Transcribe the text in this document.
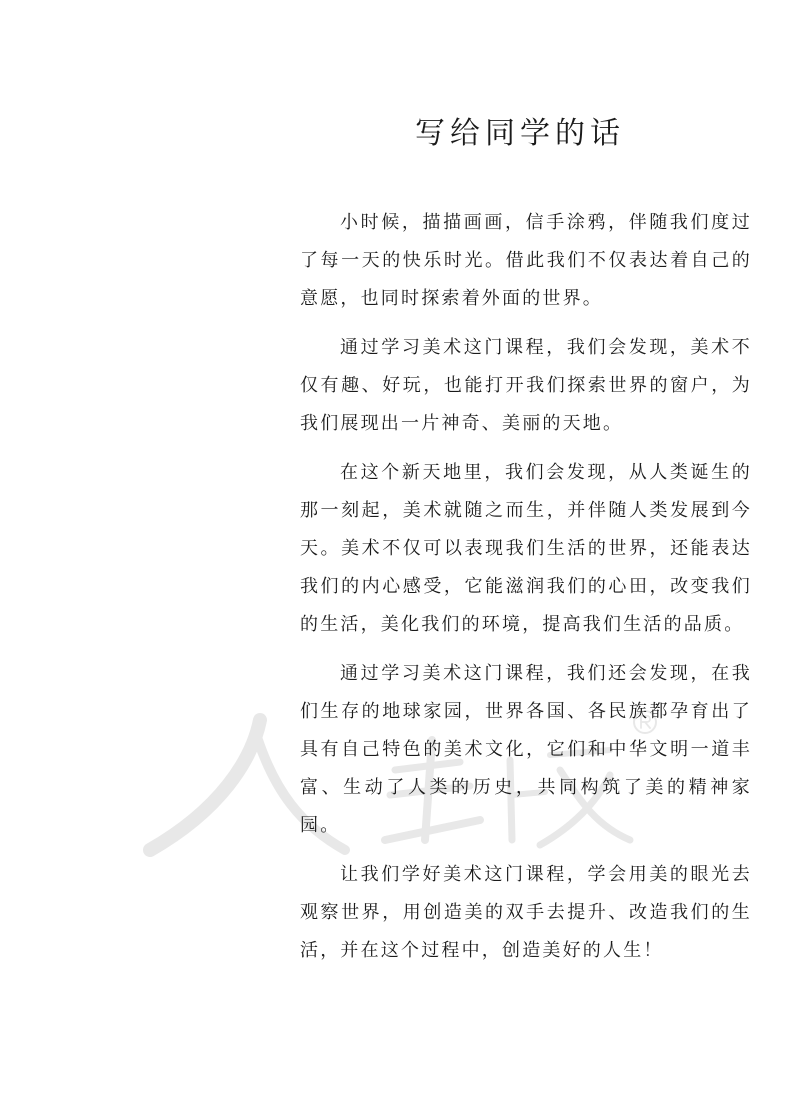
写给同学的话

小时候，描描画画，信手涂鸦，伴随我们度过了每一天的快乐时光。借此我们不仅表达着自己的意愿，也同时探索着外面的世界。

通过学习美术这门课程，我们会发现，美术不仅有趣、好玩，也能打开我们探索世界的窗户，为我们展现出一片神奇、美丽的天地。

在这个新天地里，我们会发现，从人类诞生的那一刻起，美术就随之而生，并伴随人类发展到今天。美术不仅可以表现我们生活的世界，还能表达我们的内心感受，它能滋润我们的心田，改变我们的生活，美化我们的环境，提高我们生活的品质。

通过学习美术这门课程，我们还会发现，在我们生存的地球家园，世界各国、各民族都孕育出了具有自己特色的美术文化，它们和中华文明一道丰富、生动了人类的历史，共同构筑了美的精神家园。

让我们学好美术这门课程，学会用美的眼光去观察世界，用创造美的双手去提升、改造我们的生活，并在这个过程中，创造美好的人生！
